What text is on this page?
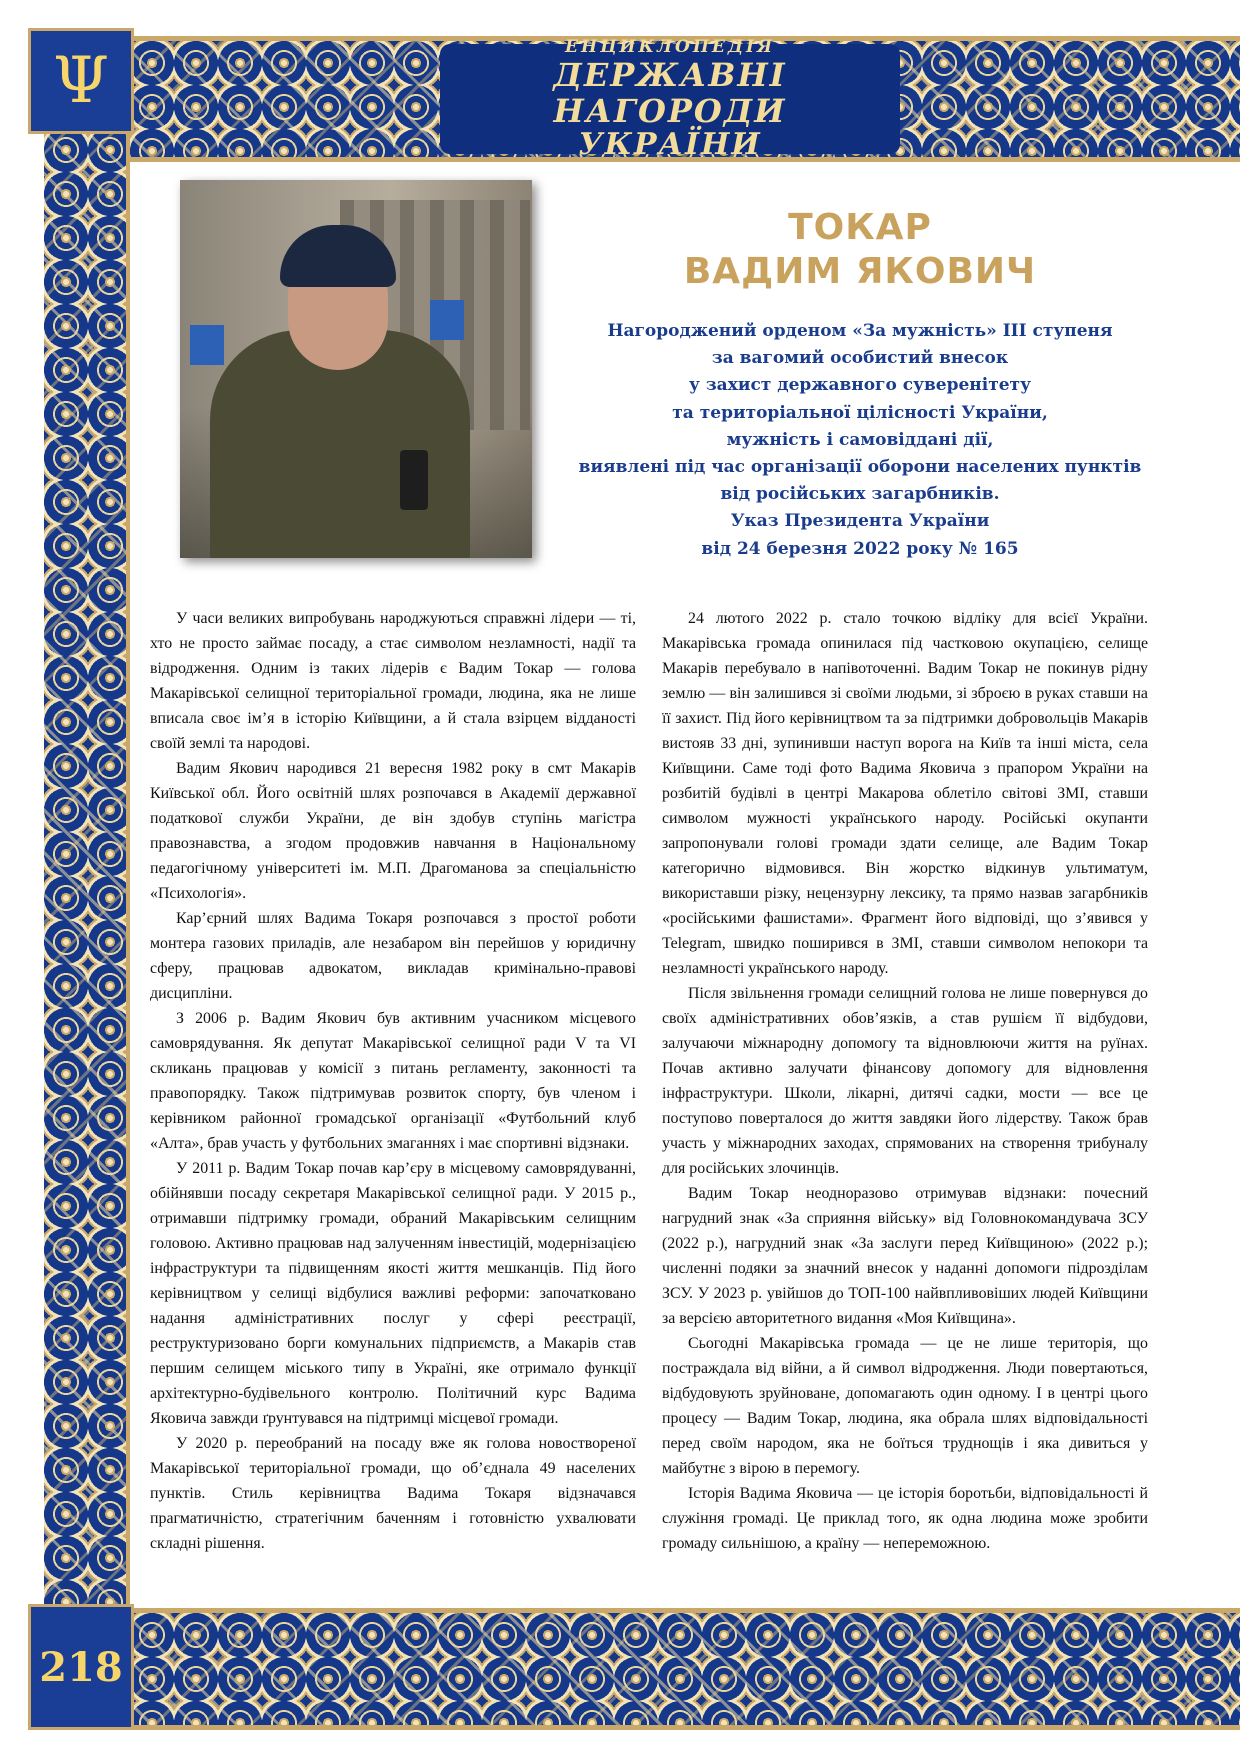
Ψ
218
ЕНЦИКЛОПЕДІЯ
ДЕРЖАВНІ НАГОРОДИ
УКРАЇНИ
ТОКАР
ВАДИМ ЯКОВИЧ
Нагороджений орденом «За мужність» ІІІ ступеня
за вагомий особистий внесок
у захист державного суверенітету
та територіальної цілісності України,
мужність і самовіддані дії,
виявлені під час організації оборони населених пунктів
від російських загарбників.
Указ Президента України
від 24 березня 2022 року № 165

У часи великих випробувань народжуються справжні лідери — ті, хто не просто займає посаду, а стає символом незламності, надії та відродження. Одним із таких лідерів є Вадим Токар — голова Макарівської селищної територіальної громади, людина, яка не лише вписала своє ім’я в історію Київщини, а й стала взірцем відданості своїй землі та народові.

Вадим Якович народився 21 вересня 1982 року в смт Макарів Київської обл. Його освітній шлях розпочався в Академії державної податкової служби України, де він здобув ступінь магістра правознавства, а згодом продовжив навчання в Національному педагогічному університеті ім. М.П. Драгоманова за спеціальністю «Психологія».

Кар’єрний шлях Вадима Токаря розпочався з простої роботи монтера газових приладів, але незабаром він перейшов у юридичну сферу, працював адвокатом, викладав кримінально-правові дисципліни.

З 2006 р. Вадим Якович був активним учасником місцевого самоврядування. Як депутат Макарівської селищної ради V та VI скликань працював у комісії з питань регламенту, законності та правопорядку. Також підтримував розвиток спорту, був членом і керівником районної громадської організації «Футбольний клуб «Алта», брав участь у футбольних змаганнях і має спортивні відзнаки.

У 2011 р. Вадим Токар почав кар’єру в місцевому самоврядуванні, обійнявши посаду секретаря Макарівської селищної ради. У 2015 р., отримавши підтримку громади, обраний Макарівським селищним головою. Активно працював над залученням інвестицій, модернізацією інфраструктури та підвищенням якості життя мешканців. Під його керівництвом у селищі відбулися важливі реформи: започатковано надання адміністративних послуг у сфері реєстрації, реструктуризовано борги комунальних підприємств, а Макарів став першим селищем міського типу в Україні, яке отримало функції архітектурно-будівельного контролю. Політичний курс Вадима Яковича завжди ґрунтувався на підтримці місцевої громади.

У 2020 р. переобраний на посаду вже як голова новоствореної Макарівської територіальної громади, що об’єднала 49 населених пунктів. Стиль керівництва Вадима Токаря відзначався прагматичністю, стратегічним баченням і готовністю ухвалювати складні рішення.

24 лютого 2022 р. стало точкою відліку для всієї України. Макарівська громада опинилася під частковою окупацією, селище Макарів перебувало в напівоточенні. Вадим Токар не покинув рідну землю — він залишився зі своїми людьми, зі зброєю в руках ставши на її захист. Під його керівництвом та за підтримки добровольців Макарів вистояв 33 дні, зупинивши наступ ворога на Київ та інші міста, села Київщини. Саме тоді фото Вадима Яковича з прапором України на розбитій будівлі в центрі Макарова облетіло світові ЗМІ, ставши символом мужності українського народу. Російські окупанти запропонували голові громади здати селище, але Вадим Токар категорично відмовився. Він жорстко відкинув ультиматум, використавши різку, нецензурну лексику, та прямо назвав загарбників «російськими фашистами». Фрагмент його відповіді, що з’явився у Telegram, швидко поширився в ЗМІ, ставши символом непокори та незламності українського народу.

Після звільнення громади селищний голова не лише повернувся до своїх адміністративних обов’язків, а став рушієм її відбудови, залучаючи міжнародну допомогу та відновлюючи життя на руїнах. Почав активно залучати фінансову допомогу для відновлення інфраструктури. Школи, лікарні, дитячі садки, мости — все це поступово поверталося до життя завдяки його лідерству. Також брав участь у міжнародних заходах, спрямованих на створення трибуналу для російських злочинців.

Вадим Токар неодноразово отримував відзнаки: почесний нагрудний знак «За сприяння війську» від Головнокомандувача ЗСУ (2022 р.), нагрудний знак «За заслуги перед Київщиною» (2022 р.); численні подяки за значний внесок у наданні допомоги підрозділам ЗСУ. У 2023 р. увійшов до ТОП-100 найвпливовіших людей Київщини за версією авторитетного видання «Моя Київщина».

Сьогодні Макарівська громада — це не лише територія, що постраждала від війни, а й символ відродження. Люди повертаються, відбудовують зруйноване, допомагають один одному. І в центрі цього процесу — Вадим Токар, людина, яка обрала шлях відповідальності перед своїм народом, яка не боїться труднощів і яка дивиться у майбутнє з вірою в перемогу.

Історія Вадима Яковича — це історія боротьби, відповідальності й служіння громаді. Це приклад того, як одна людина може зробити громаду сильнішою, а країну — непереможною.
